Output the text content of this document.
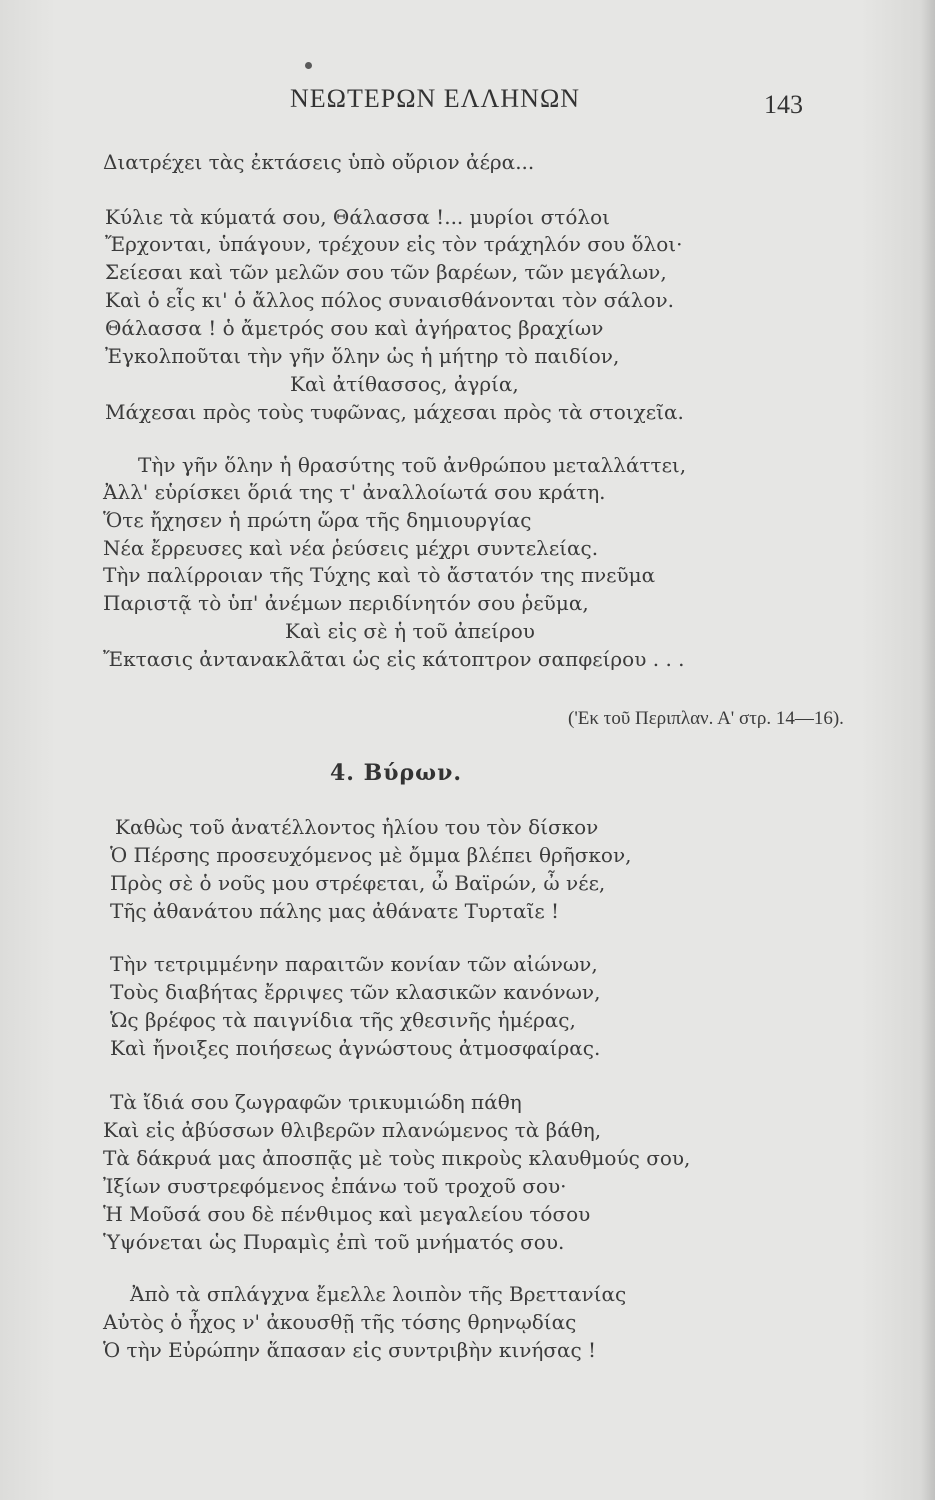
ΝΕΩΤΕΡΩΝ ΕΛΛΗΝΩΝ	143
Διατρέχει τὰς ἐκτάσεις ὑπὸ οὔριον ἀέρα...
Κύλιε τὰ κύματά σου, Θάλασσα !... μυρίοι στόλοι
Ἔρχονται, ὑπάγουν, τρέχουν εἰς τὸν τράχηλόν σου ὅλοι·
Σείεσαι καὶ τῶν μελῶν σου τῶν βαρέων, τῶν μεγάλων,
Καὶ ὁ εἷς κι' ὁ ἄλλος πόλος συναισθάνονται τὸν σάλον.
Θάλασσα ! ὁ ἄμετρός σου καὶ ἀγήρατος βραχίων
Ἐγκολποῦται τὴν γῆν ὅλην ὡς ἡ μήτηρ τὸ παιδίον,
Καὶ ἀτίθασσος, ἀγρία,
Μάχεσαι πρὸς τοὺς τυφῶνας, μάχεσαι πρὸς τὰ στοιχεῖα.
Τὴν γῆν ὅλην ἡ θρασύτης τοῦ ἀνθρώπου μεταλλάττει,
Ἀλλ' εὑρίσκει ὅριά της τ' ἀναλλοίωτά σου κράτη.
Ὅτε ἤχησεν ἡ πρώτη ὥρα τῆς δημιουργίας
Νέα ἔρρευσες καὶ νέα ῥεύσεις μέχρι συντελείας.
Τὴν παλίρροιαν τῆς Τύχης καὶ τὸ ἄστατόν της πνεῦμα
Παριστᾷ τὸ ὑπ' ἀνέμων περιδίνητόν σου ῥεῦμα,
Καὶ εἰς σὲ ἡ τοῦ ἀπείρου
Ἔκτασις ἀντανακλᾶται ὡς εἰς κάτοπτρον σαπφείρου . . .
('Εκ τοῦ Περιπλαν. Α' στρ. 14—16).
4. Βύρων.
Καθὼς τοῦ ἀνατέλλοντος ἡλίου του τὸν δίσκον
Ὁ Πέρσης προσευχόμενος μὲ ὄμμα βλέπει θρῆσκον,
Πρὸς σὲ ὁ νοῦς μου στρέφεται, ὦ Βαϊρών, ὦ νέε,
Τῆς ἀθανάτου πάλης μας ἀθάνατε Τυρταῖε !
Τὴν τετριμμένην παραιτῶν κονίαν τῶν αἰώνων,
Τοὺς διαβήτας ἔρριψες τῶν κλασικῶν κανόνων,
Ὡς βρέφος τὰ παιγνίδια τῆς χθεσινῆς ἡμέρας,
Καὶ ἤνοιξες ποιήσεως ἀγνώστους ἀτμοσφαίρας.
Τὰ ἴδιά σου ζωγραφῶν τρικυμιώδη πάθη
Καὶ εἰς ἀβύσσων θλιβερῶν πλανώμενος τὰ βάθη,
Τὰ δάκρυά μας ἀποσπᾷς μὲ τοὺς πικροὺς κλαυθμούς σου,
Ἰξίων συστρεφόμενος ἐπάνω τοῦ τροχοῦ σου·
Ἡ Μοῦσά σου δὲ πένθιμος καὶ μεγαλείου τόσου
Ὑψόνεται ὡς Πυραμὶς ἐπὶ τοῦ μνήματός σου.
Ἀπὸ τὰ σπλάγχνα ἔμελλε λοιπὸν τῆς Βρεττανίας
Αὐτὸς ὁ ἦχος ν' ἀκουσθῇ τῆς τόσης θρηνῳδίας
Ὁ τὴν Εὐρώπην ἅπασαν εἰς συντριβὴν κινήσας !
